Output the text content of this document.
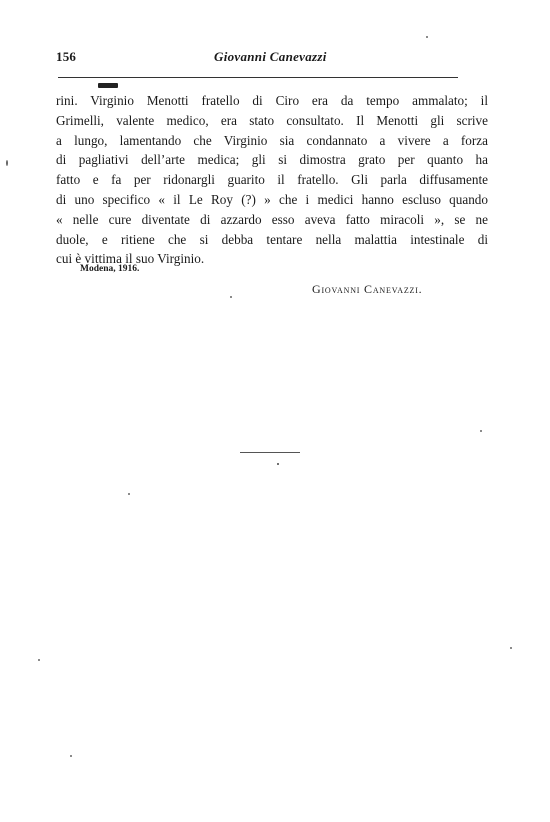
156	Giovanni Canevazzi
rini. Virginio Menotti fratello di Ciro era da tempo ammalato; il
Grimelli, valente medico, era stato consultato. Il Menotti gli scrive
a lungo, lamentando che Virginio sia condannato a vivere a forza
di pagliativi dell’arte medica; gli si dimostra grato per quanto ha
fatto e fa per ridonargli guarito il fratello. Gli parla diffusamente
di uno specifico « il Le Roy (?) » che i medici hanno escluso quando
« nelle cure diventate di azzardo esso aveva fatto miracoli », se ne
duole, e ritiene che si debba tentare nella malattia intestinale di
cui è vittima il suo Virginio.
Modena, 1916.
Giovanni Canevazzi.
